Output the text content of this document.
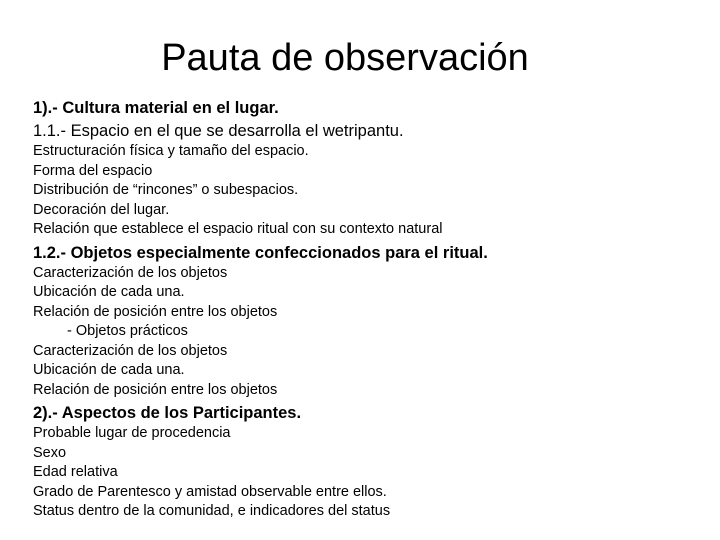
Pauta de observación

1).- Cultura material en el lugar.

1.1.- Espacio en el que se desarrolla el wetripantu.

Estructuración física y tamaño del espacio.

Forma del espacio

Distribución de “rincones” o subespacios.

Decoración del lugar.

Relación que establece el espacio ritual con su contexto natural

1.2.- Objetos especialmente confeccionados para el ritual.

Caracterización de los objetos

Ubicación de cada una.

Relación de posición entre los objetos

- Objetos prácticos

Caracterización de los objetos

Ubicación de cada una.

Relación de posición entre los objetos

2).- Aspectos de los Participantes.

Probable lugar de procedencia

Sexo

Edad relativa

Grado de Parentesco y amistad observable entre ellos.

Status dentro de la comunidad, e indicadores del status
